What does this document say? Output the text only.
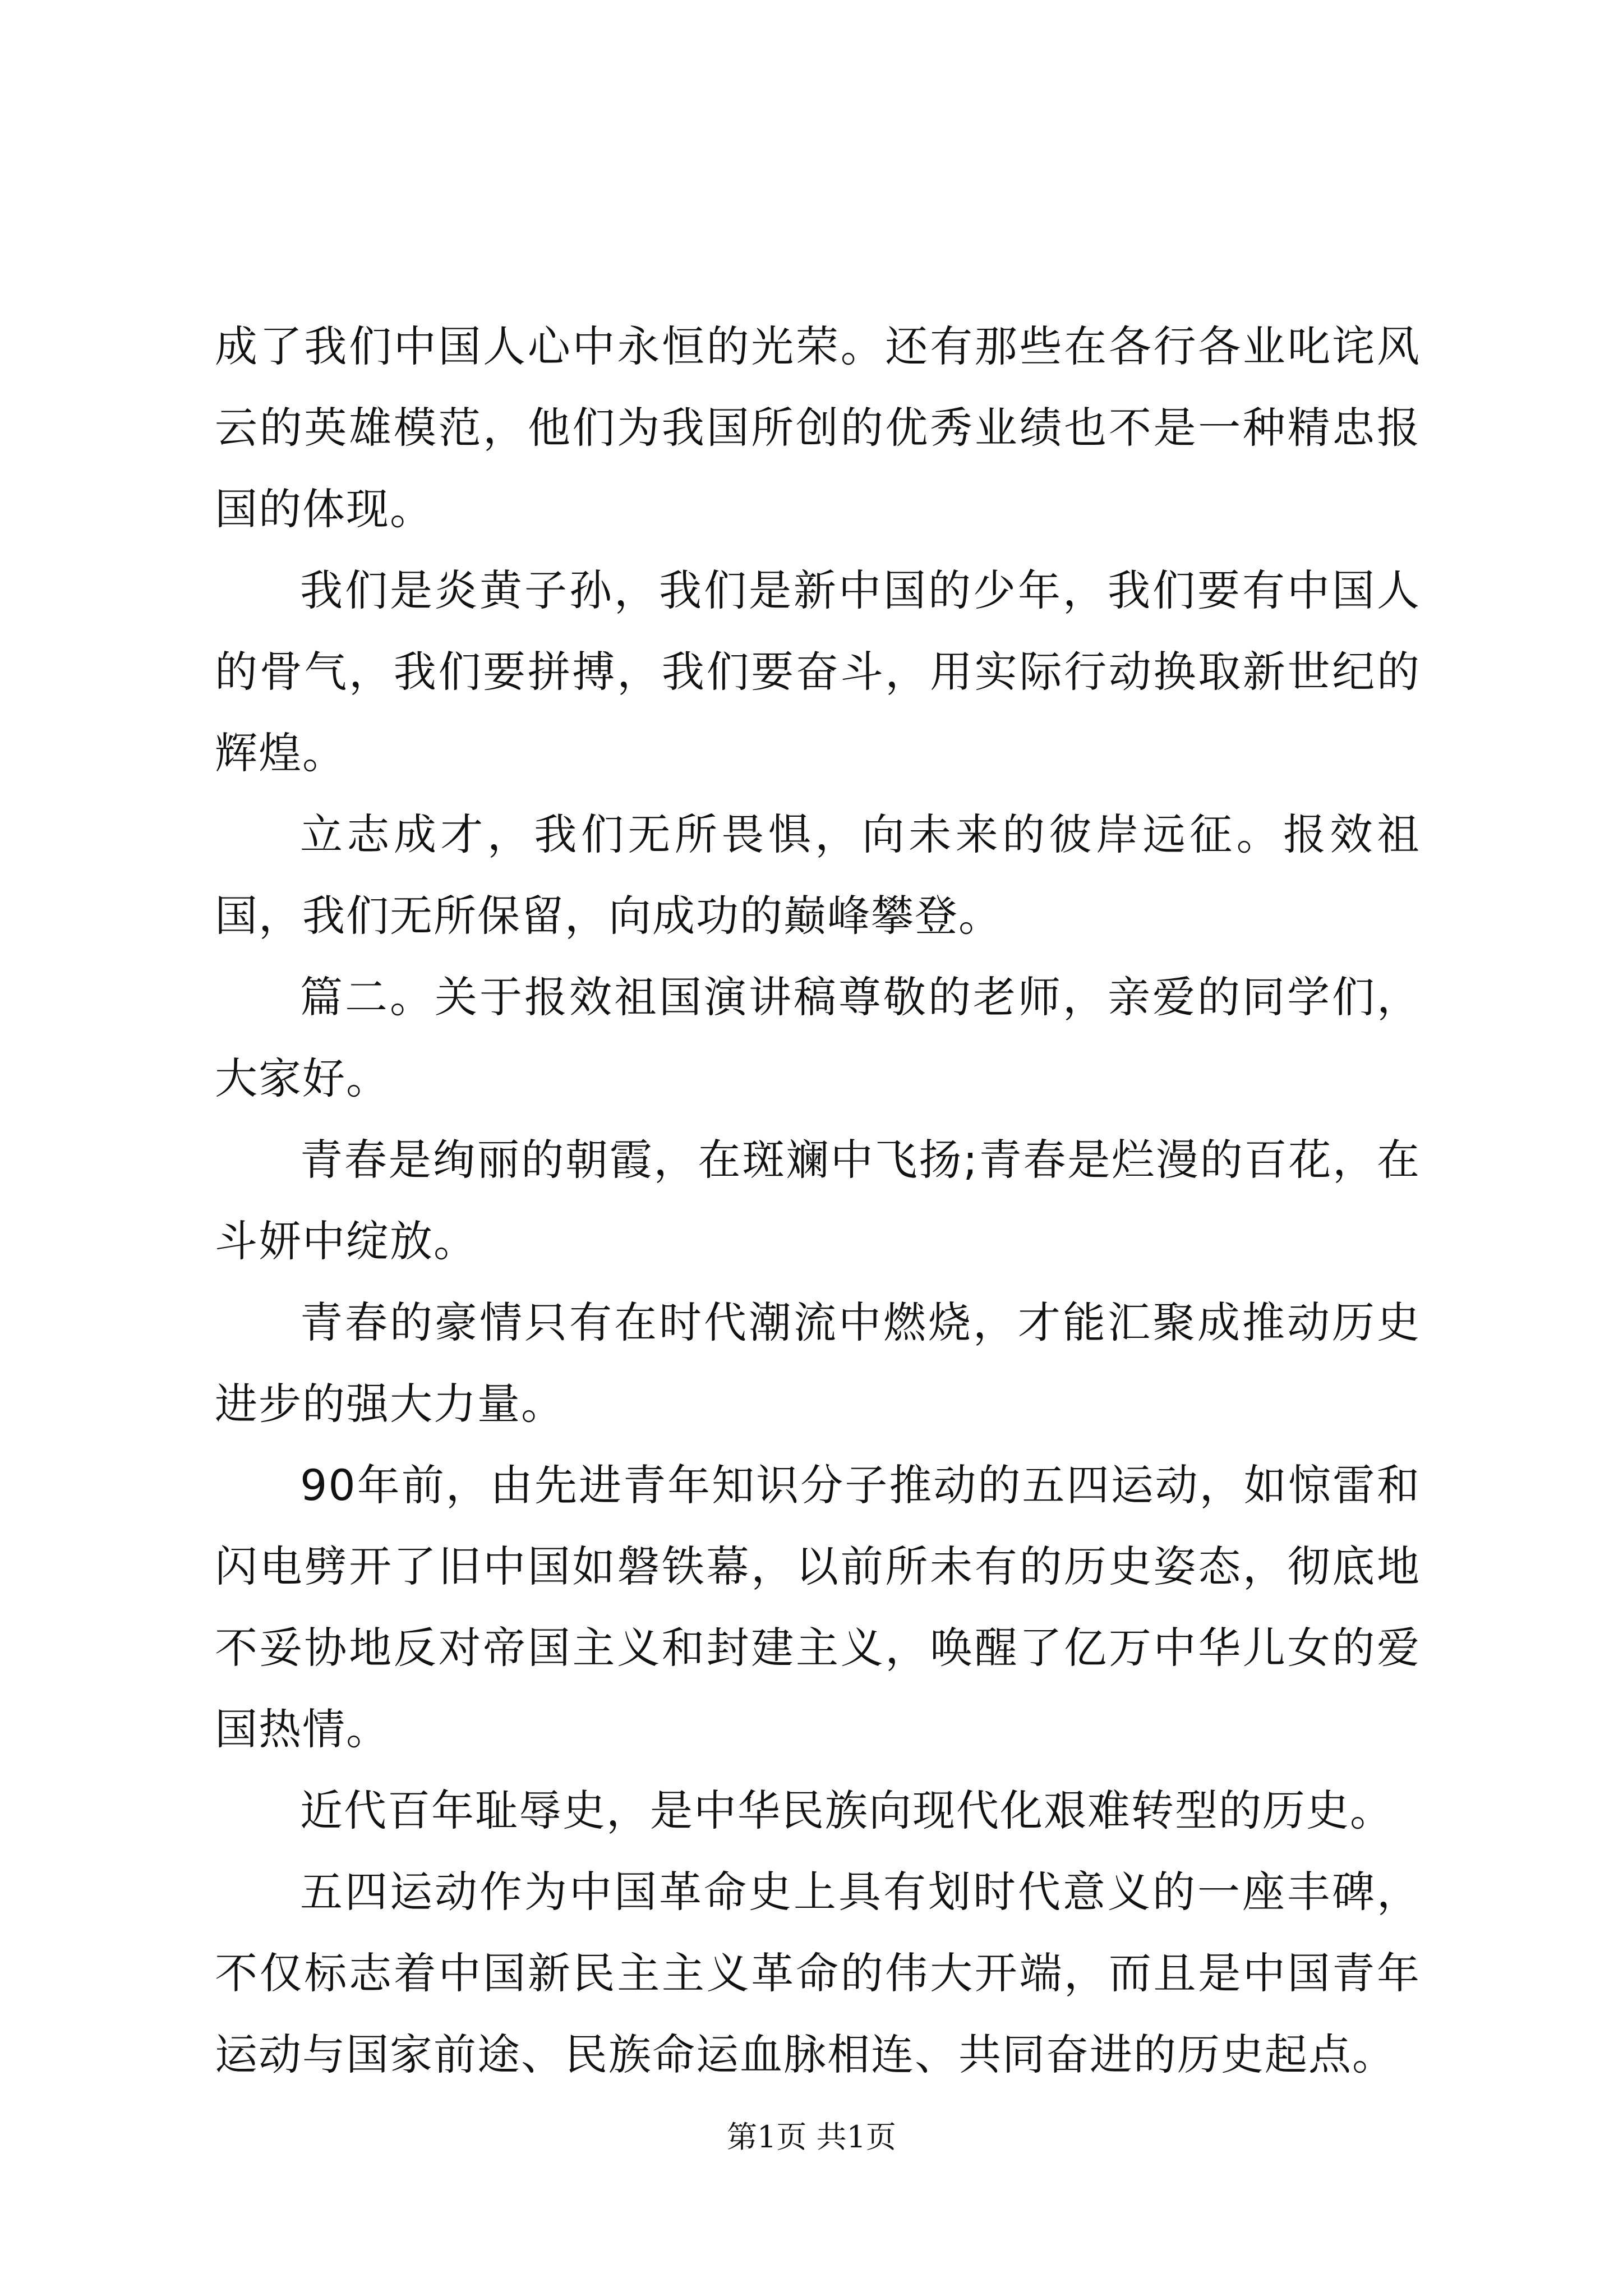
成了我们中国人心中永恒的光荣。还有那些在各行各业叱诧风云的英雄模范，他们为我国所创的优秀业绩也不是一种精忠报国的体现。

我们是炎黄子孙，我们是新中国的少年，我们要有中国人的骨气，我们要拼搏，我们要奋斗，用实际行动换取新世纪的辉煌。

立志成才，我们无所畏惧，向未来的彼岸远征。报效祖国，我们无所保留，向成功的巅峰攀登。

篇二。关于报效祖国演讲稿尊敬的老师，亲爱的同学们，大家好。

青春是绚丽的朝霞，在斑斓中飞扬;青春是烂漫的百花，在斗妍中绽放。

青春的豪情只有在时代潮流中燃烧，才能汇聚成推动历史进步的强大力量。

90年前，由先进青年知识分子推动的五四运动，如惊雷和闪电劈开了旧中国如磐铁幕，以前所未有的历史姿态，彻底地不妥协地反对帝国主义和封建主义，唤醒了亿万中华儿女的爱国热情。

近代百年耻辱史，是中华民族向现代化艰难转型的历史。

五四运动作为中国革命史上具有划时代意义的一座丰碑，不仅标志着中国新民主主义革命的伟大开端，而且是中国青年运动与国家前途、民族命运血脉相连、共同奋进的历史起点。

第1页 共1页
